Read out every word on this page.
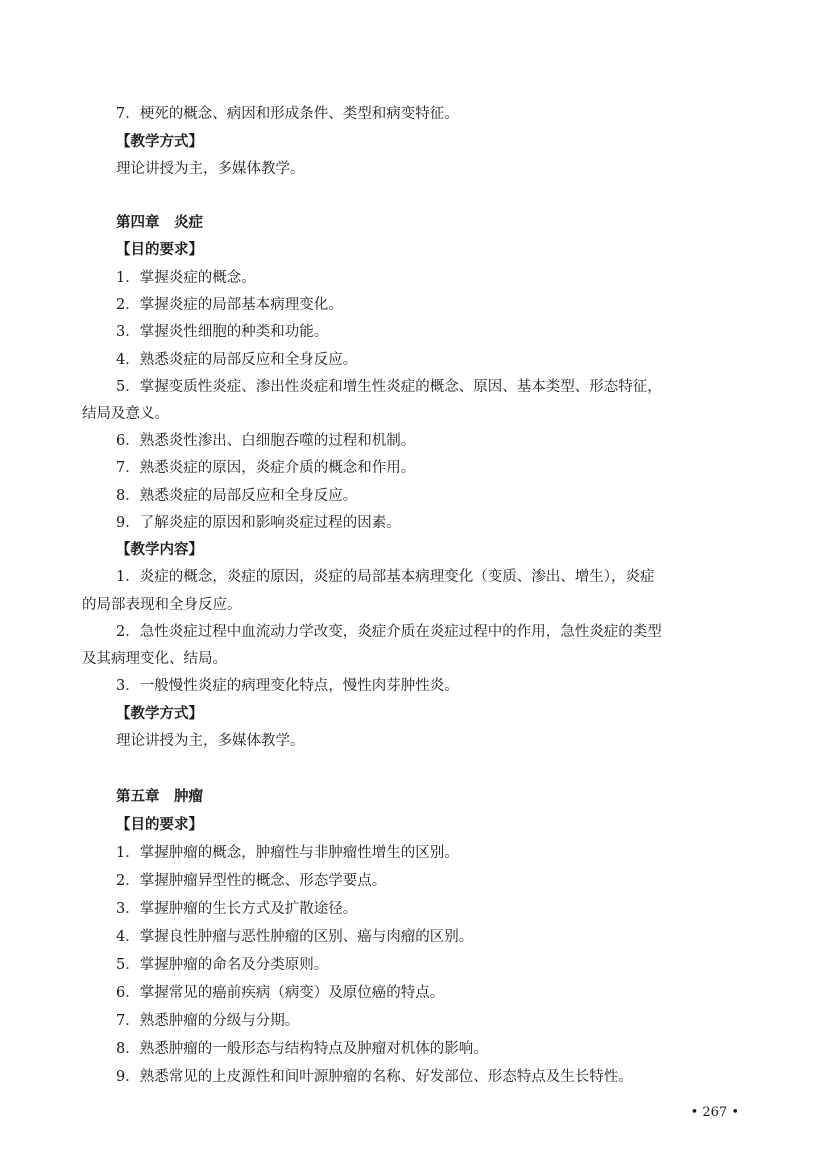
7．梗死的概念、病因和形成条件、类型和病变特征。
【教学方式】
理论讲授为主，多媒体教学。
第四章　炎症
【目的要求】
1．掌握炎症的概念。
2．掌握炎症的局部基本病理变化。
3．掌握炎性细胞的种类和功能。
4．熟悉炎症的局部反应和全身反应。
5．掌握变质性炎症、渗出性炎症和增生性炎症的概念、原因、基本类型、形态特征，
结局及意义。
6．熟悉炎性渗出、白细胞吞噬的过程和机制。
7．熟悉炎症的原因，炎症介质的概念和作用。
8．熟悉炎症的局部反应和全身反应。
9．了解炎症的原因和影响炎症过程的因素。
【教学内容】
1．炎症的概念，炎症的原因，炎症的局部基本病理变化（变质、渗出、增生），炎症
的局部表现和全身反应。
2．急性炎症过程中血流动力学改变，炎症介质在炎症过程中的作用，急性炎症的类型
及其病理变化、结局。
3．一般慢性炎症的病理变化特点，慢性肉芽肿性炎。
【教学方式】
理论讲授为主，多媒体教学。
第五章　肿瘤
【目的要求】
1．掌握肿瘤的概念，肿瘤性与非肿瘤性增生的区别。
2．掌握肿瘤异型性的概念、形态学要点。
3．掌握肿瘤的生长方式及扩散途径。
4．掌握良性肿瘤与恶性肿瘤的区别、癌与肉瘤的区别。
5．掌握肿瘤的命名及分类原则。
6．掌握常见的癌前疾病（病变）及原位癌的特点。
7．熟悉肿瘤的分级与分期。
8．熟悉肿瘤的一般形态与结构特点及肿瘤对机体的影响。
9．熟悉常见的上皮源性和间叶源肿瘤的名称、好发部位、形态特点及生长特性。
• 267 •
